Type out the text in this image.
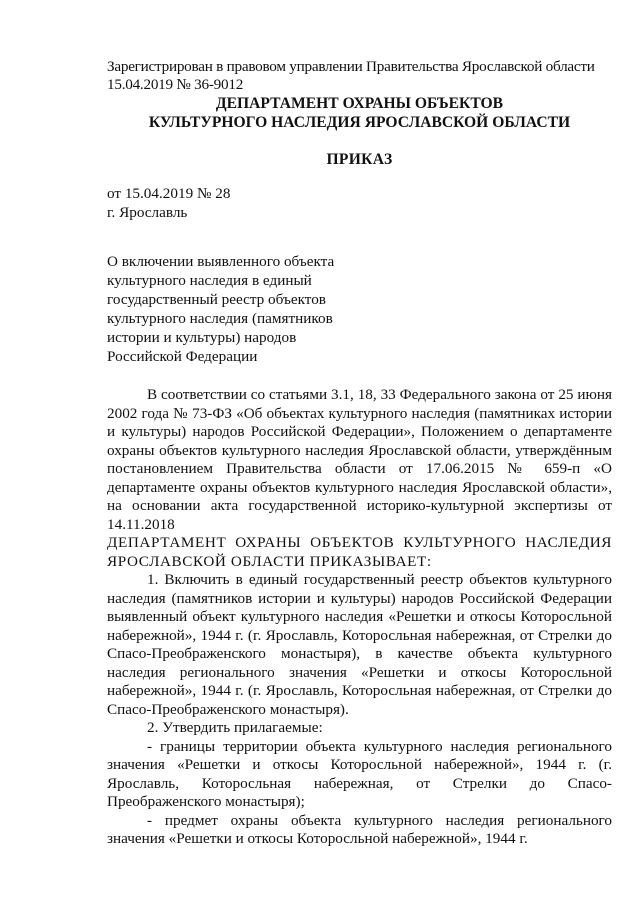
Зарегистрирован в правовом управлении Правительства Ярославской области
15.04.2019 № 36-9012
ДЕПАРТАМЕНТ ОХРАНЫ ОБЪЕКТОВ
КУЛЬТУРНОГО НАСЛЕДИЯ ЯРОСЛАВСКОЙ ОБЛАСТИ
ПРИКАЗ
от 15.04.2019 № 28
г. Ярославль
О включении выявленного объекта
культурного наследия в единый
государственный реестр объектов
культурного наследия (памятников
истории и культуры) народов
Российской Федерации

В соответствии со статьями 3.1, 18, 33 Федерального закона от 25 июня 2002 года № 73-ФЗ «Об объектах культурного наследия (памятниках истории и культуры) народов Российской Федерации», Положением о департаменте охраны объектов культурного наследия Ярославской области, утверждённым постановлением Правительства области от 17.06.2015 № 659-п «О департаменте охраны объектов культурного наследия Ярославской области», на основании акта государственной историко-культурной экспертизы от 14.11.2018

ДЕПАРТАМЕНТ ОХРАНЫ ОБЪЕКТОВ КУЛЬТУРНОГО НАСЛЕДИЯ ЯРОСЛАВСКОЙ ОБЛАСТИ ПРИКАЗЫВАЕТ:

1. Включить в единый государственный реестр объектов культурного наследия (памятников истории и культуры) народов Российской Федерации выявленный объект культурного наследия «Решетки и откосы Которосльной набережной», 1944 г. (г. Ярославль, Которосльная набережная, от Стрелки до Спасо-Преображенского монастыря), в качестве объекта культурного наследия регионального значения «Решетки и откосы Которосльной набережной», 1944 г. (г. Ярославль, Которосльная набережная, от Стрелки до Спасо-Преображенского монастыря).

2. Утвердить прилагаемые:

- границы территории объекта культурного наследия регионального значения «Решетки и откосы Которосльной набережной», 1944 г. (г. Ярославль, Которосльная набережная, от Стрелки до Спасо-Преображенского монастыря);

- предмет охраны объекта культурного наследия регионального значения «Решетки и откосы Которосльной набережной», 1944 г.
